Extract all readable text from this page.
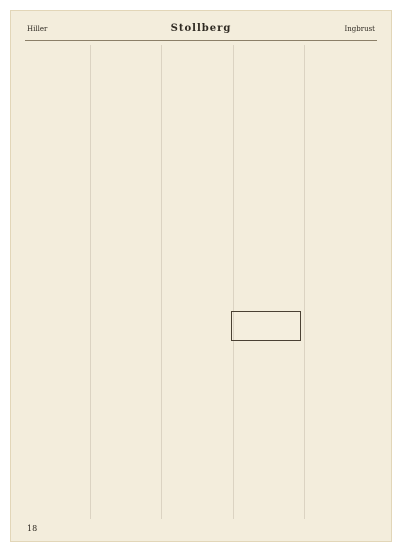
Hiller	Stollberg	Ingbrust
18
